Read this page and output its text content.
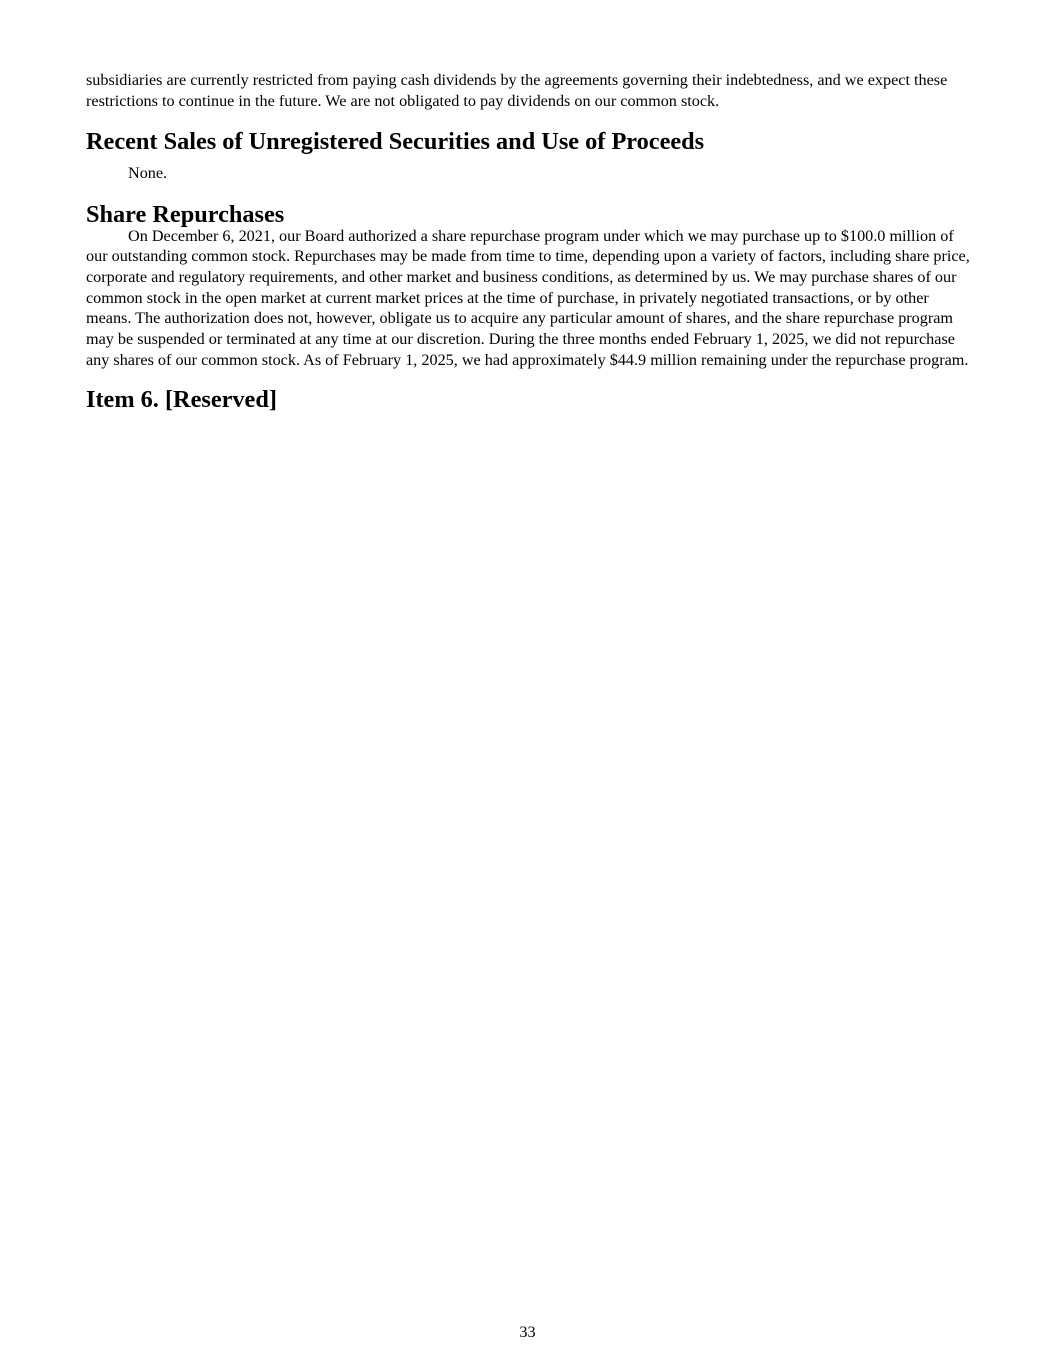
subsidiaries are currently restricted from paying cash dividends by the agreements governing their indebtedness, and we expect these restrictions to continue in the future. We are not obligated to pay dividends on our common stock.

Recent Sales of Unregistered Securities and Use of Proceeds

None.

Share Repurchases

On December 6, 2021, our Board authorized a share repurchase program under which we may purchase up to $100.0 million of our outstanding common stock. Repurchases may be made from time to time, depending upon a variety of factors, including share price, corporate and regulatory requirements, and other market and business conditions, as determined by us. We may purchase shares of our common stock in the open market at current market prices at the time of purchase, in privately negotiated transactions, or by other means. The authorization does not, however, obligate us to acquire any particular amount of shares, and the share repurchase program may be suspended or terminated at any time at our discretion. During the three months ended February 1, 2025, we did not repurchase any shares of our common stock. As of February 1, 2025, we had approximately $44.9 million remaining under the repurchase program.

Item 6. [Reserved]
33
